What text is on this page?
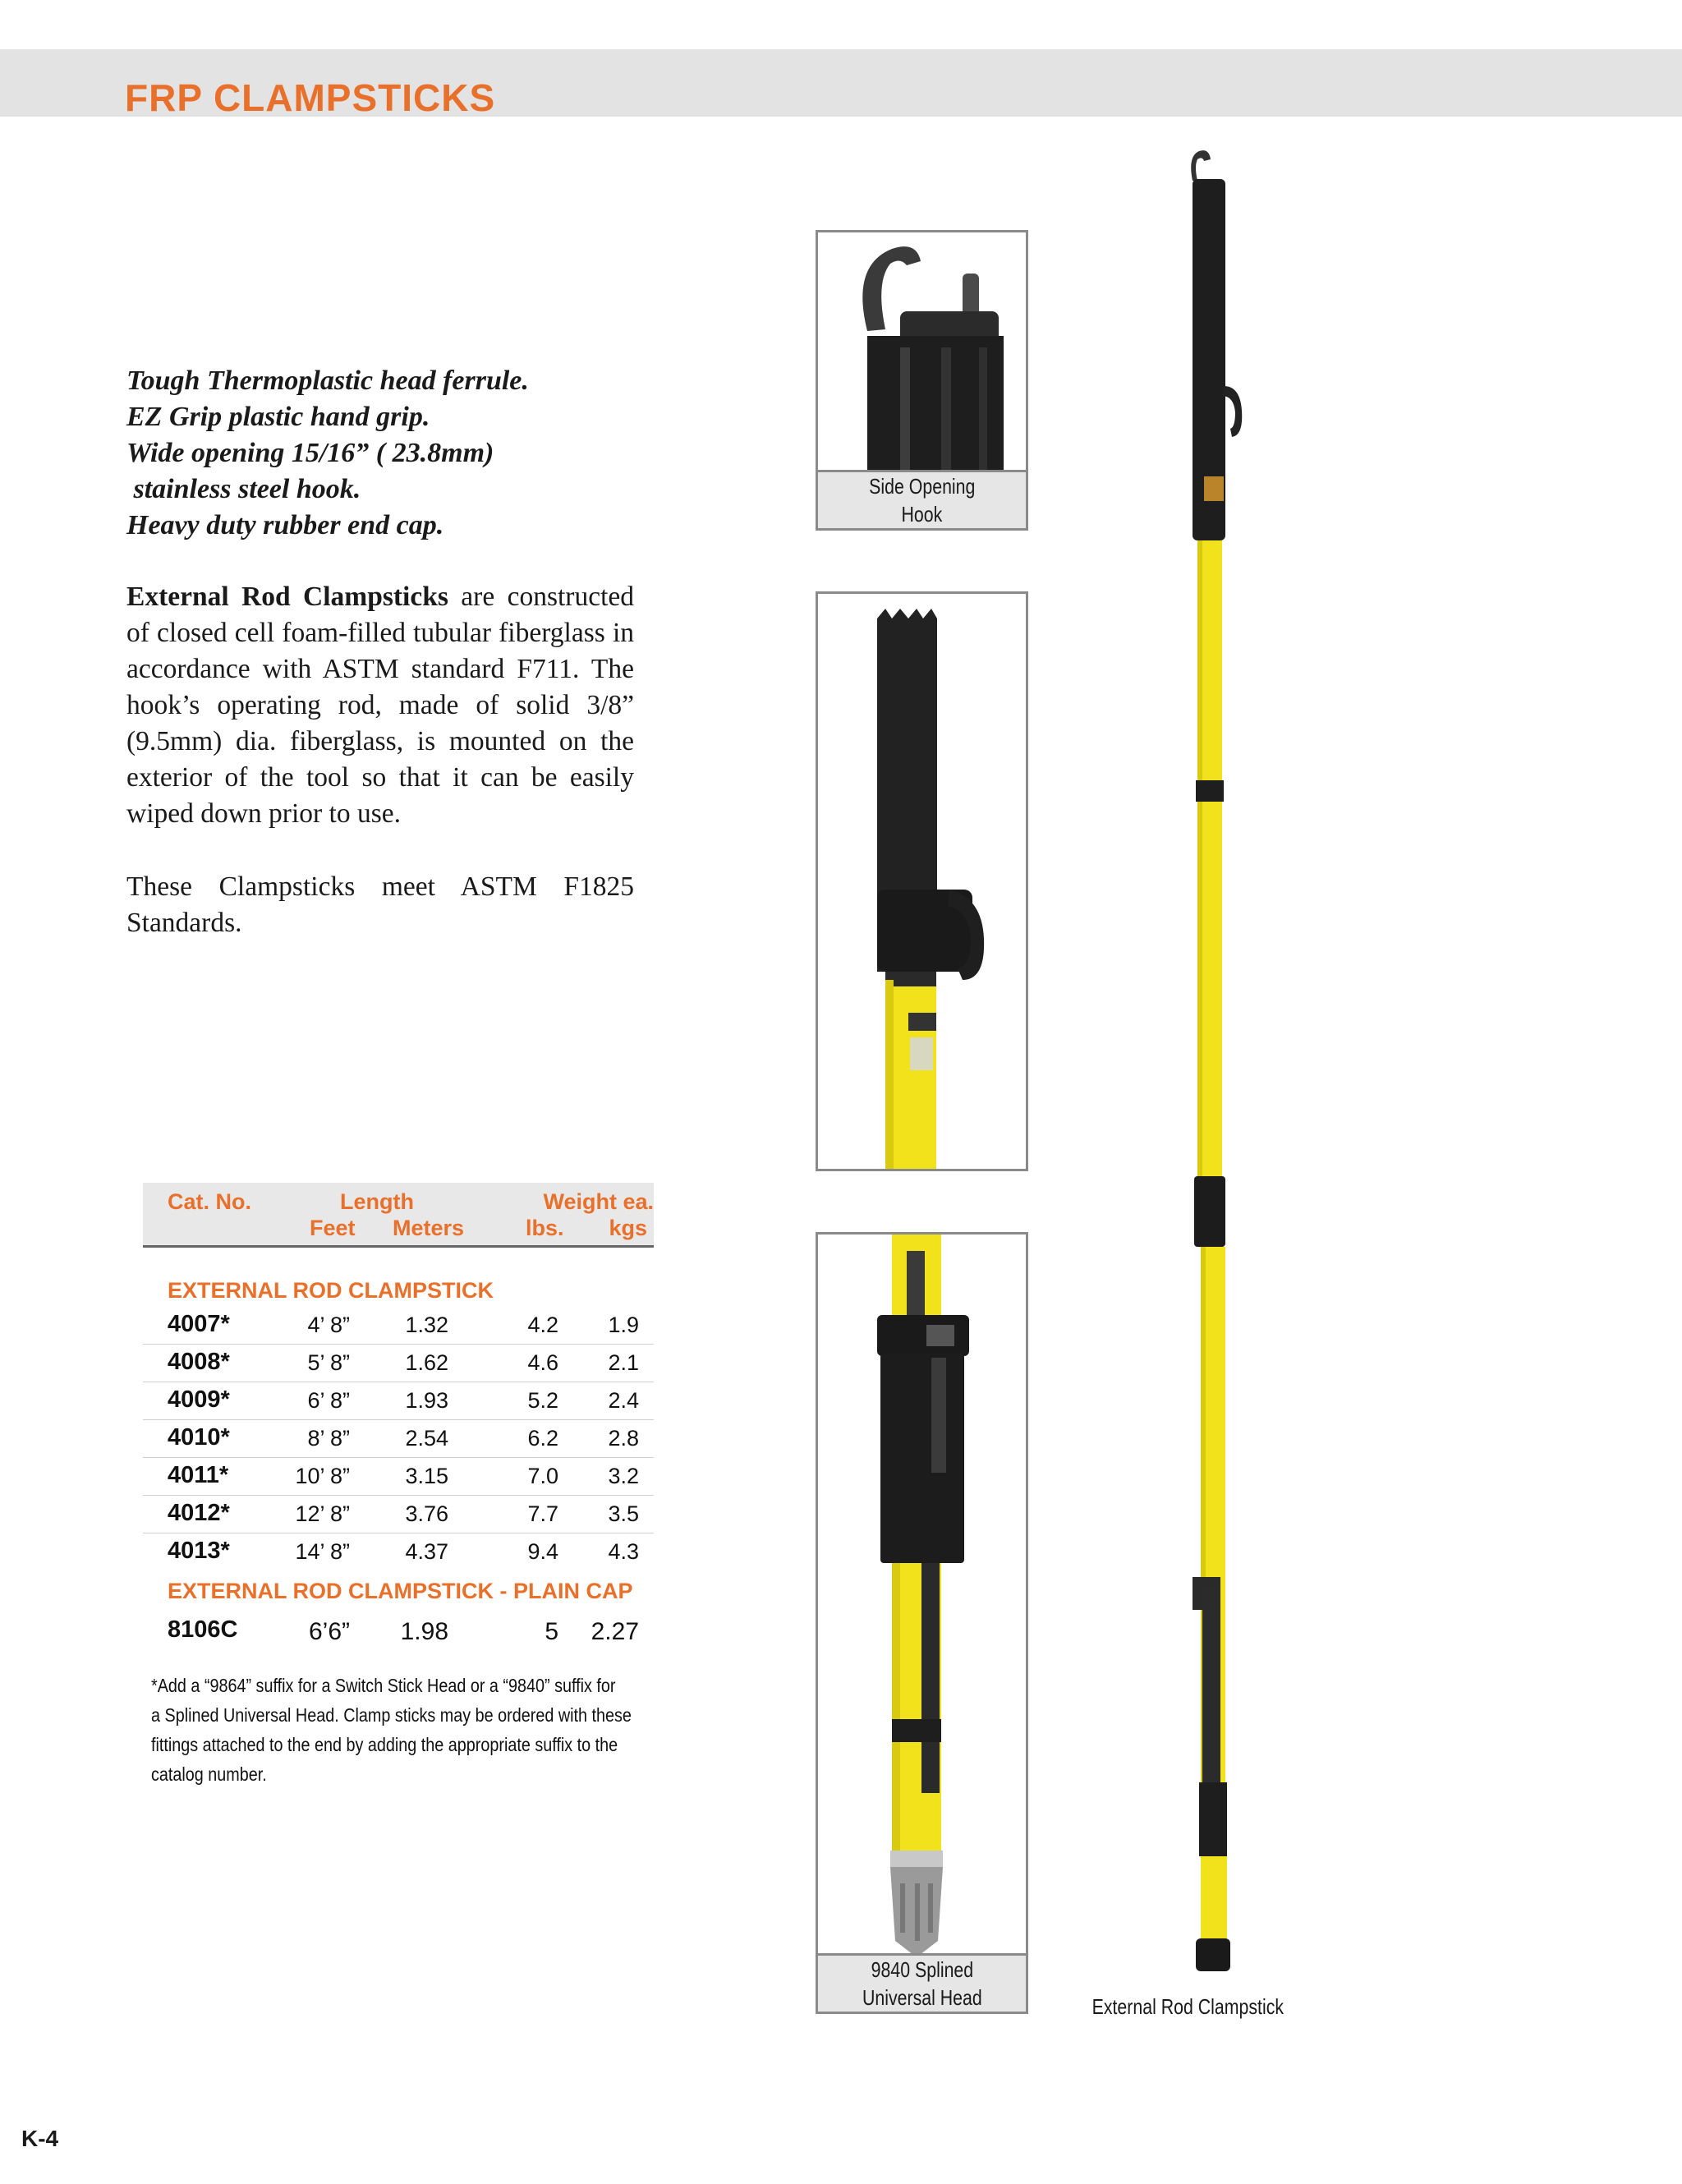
FRP CLAMPSTICKS
Tough Thermoplastic head ferrule.
EZ Grip plastic hand grip.
Wide opening 15/16” ( 23.8mm)
stainless steel hook.
Heavy duty rubber end cap.

External Rod Clampsticks are constructed of closed cell foam-filled tubular fiberglass in accordance with ASTM standard F711. The hook’s operating rod, made of solid 3/8” (9.5mm) dia. fiberglass, is mounted on the exterior of the tool so that it can be easily wiped down prior to use.

These Clampsticks meet ASTM F1825 Standards.

Cat. No.	Length	Weight ea.
Feet Meters	lbs. kgs
EXTERNAL ROD CLAMPSTICK
4007*	4’ 8” 1.32	4.2 1.9
4008*	5’ 8” 1.62	4.6 2.1
4009*	6’ 8” 1.93	5.2 2.4
4010*	8’ 8” 2.54	6.2 2.8
4011*	10’ 8” 3.15	7.0 3.2
4012*	12’ 8” 3.76	7.7 3.5
4013*	14’ 8” 4.37	9.4 4.3
EXTERNAL ROD CLAMPSTICK - PLAIN CAP
8106C	6’6” 1.98	5 2.27
*Add a “9864” suffix for a Switch Stick Head or a “9840” suffix for
a Splined Universal Head. Clamp sticks may be ordered with these
fittings attached to the end by adding the appropriate suffix to the
catalog number.
Side Opening
Hook
9840 Splined
Universal Head	External Rod Clampstick
K-4
